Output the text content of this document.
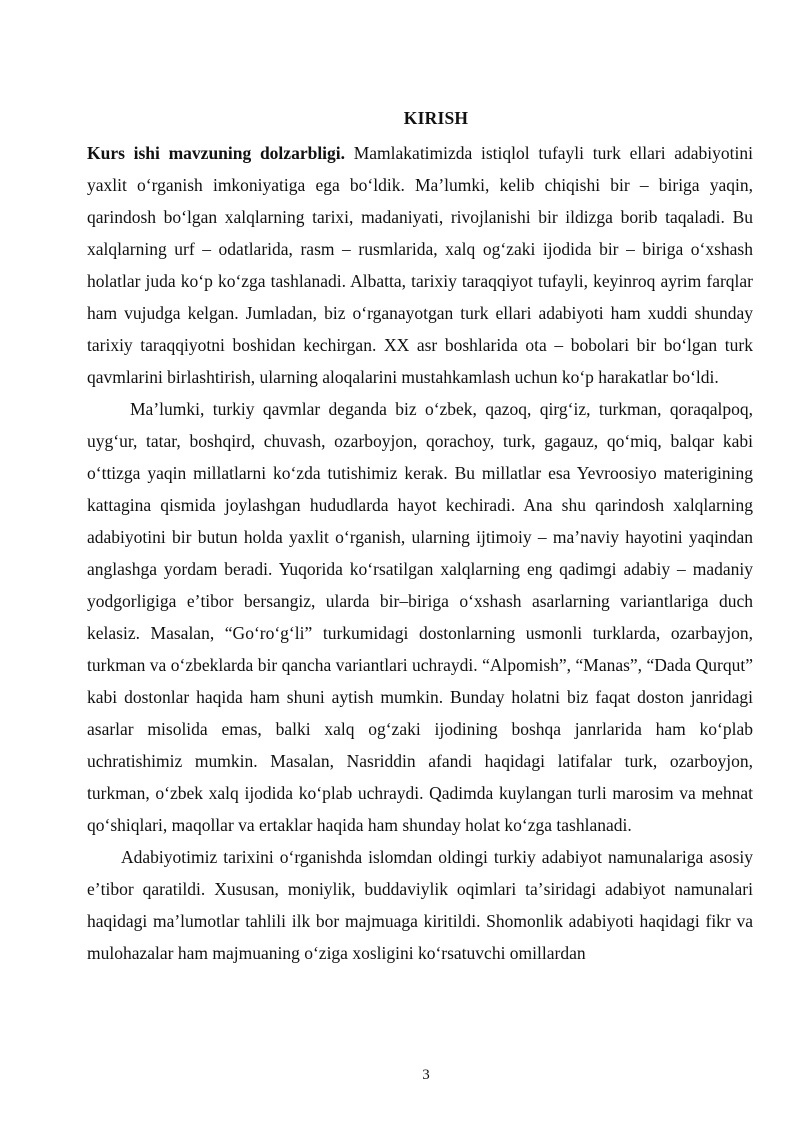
KIRISH

Kurs ishi mavzuning dolzarbligi. Mamlakatimizda istiqlol tufayli turk ellari adabiyotini yaxlit oʻrganish imkoniyatiga ega boʻldik. Maʼlumki, kelib chiqishi bir – biriga yaqin, qarindosh boʻlgan xalqlarning tarixi, madaniyati, rivojlanishi bir ildizga borib taqaladi. Bu xalqlarning urf – odatlarida, rasm – rusmlarida, xalq ogʻzaki ijodida bir – biriga oʻxshash holatlar juda koʻp koʻzga tashlanadi. Albatta, tarixiy taraqqiyot tufayli, keyinroq ayrim farqlar ham vujudga kelgan. Jumladan, biz oʻrganayotgan turk ellari adabiyoti ham xuddi shunday tarixiy taraqqiyotni boshidan kechirgan. XX asr boshlarida ota – bobolari bir boʻlgan turk qavmlarini birlashtirish, ularning aloqalarini mustahkamlash uchun koʻp harakatlar boʻldi.

Maʼlumki, turkiy qavmlar deganda biz oʻzbek, qazoq, qirgʻiz, turkman, qoraqalpoq, uygʻur, tatar, boshqird, chuvash, ozarboyjon, qorachoy, turk, gagauz, qoʻmiq, balqar kabi oʻttizga yaqin millatlarni koʻzda tutishimiz kerak. Bu millatlar esa Yevroosiyo materigining kattagina qismida joylashgan hududlarda hayot kechiradi. Ana shu qarindosh xalqlarning adabiyotini bir butun holda yaxlit oʻrganish, ularning ijtimoiy – maʼnaviy hayotini yaqindan anglashga yordam beradi. Yuqorida koʻrsatilgan xalqlarning eng qadimgi adabiy – madaniy yodgorligiga eʼtibor bersangiz, ularda bir–biriga oʻxshash asarlarning variantlariga duch kelasiz. Masalan, “Goʻroʻgʻli” turkumidagi dostonlarning usmonli turklarda, ozarbayjon, turkman va oʻzbeklarda bir qancha variantlari uchraydi. “Alpomish”, “Manas”, “Dada Qurqut” kabi dostonlar haqida ham shuni aytish mumkin. Bunday holatni biz faqat doston janridagi asarlar misolida emas, balki xalq ogʻzaki ijodining boshqa janrlarida ham koʻplab uchratishimiz mumkin. Masalan, Nasriddin afandi haqidagi latifalar turk, ozarboyjon, turkman, oʻzbek xalq ijodida koʻplab uchraydi. Qadimda kuylangan turli marosim va mehnat qoʻshiqlari, maqollar va ertaklar haqida ham shunday holat koʻzga tashlanadi.

Adabiyotimiz tarixini oʻrganishda islomdan oldingi turkiy adabiyot namunalariga asosiy eʼtibor qaratildi. Xususan, moniylik, buddaviylik oqimlari taʼsiridagi adabiyot namunalari haqidagi maʼlumotlar tahlili ilk bor majmuaga kiritildi. Shomonlik adabiyoti haqidagi fikr va mulohazalar ham majmuaning oʻziga xosligini koʻrsatuvchi omillardan

3
